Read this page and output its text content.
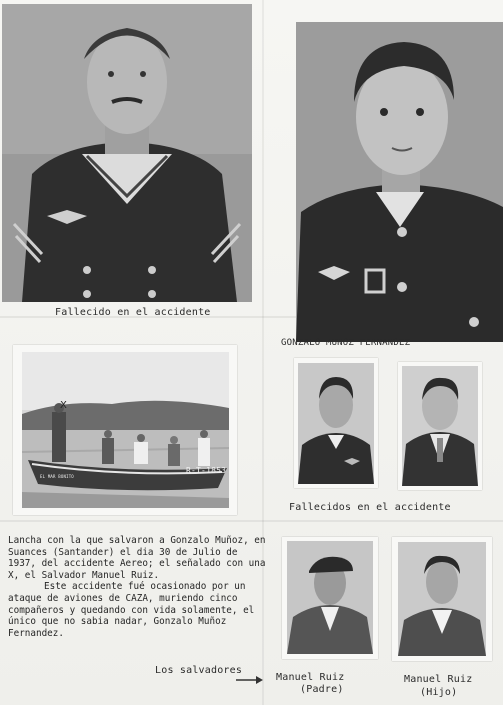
Fallecido en el accidente
GONZALO MUÑOZ FERNANDEZ
X
EL MAR BONITO
R-T-1853
Fallecidos en el accidente

Lancha con la que salvaron a Gonzalo Muñoz, en Suances (Santander) el dia 30 de Julio de 1937, del accidente Aereo; el señalado con una X, el Salvador Manuel Ruiz.

Este accidente fué ocasionado por un ataque de aviones de CAZA, muriendo cinco compañeros y quedando con vida solamente, el único que no sabia nadar, Gonzalo Muñoz Fernandez.

Los salvadores
Manuel Ruiz
(Padre)
Manuel Ruiz
(Hijo)
